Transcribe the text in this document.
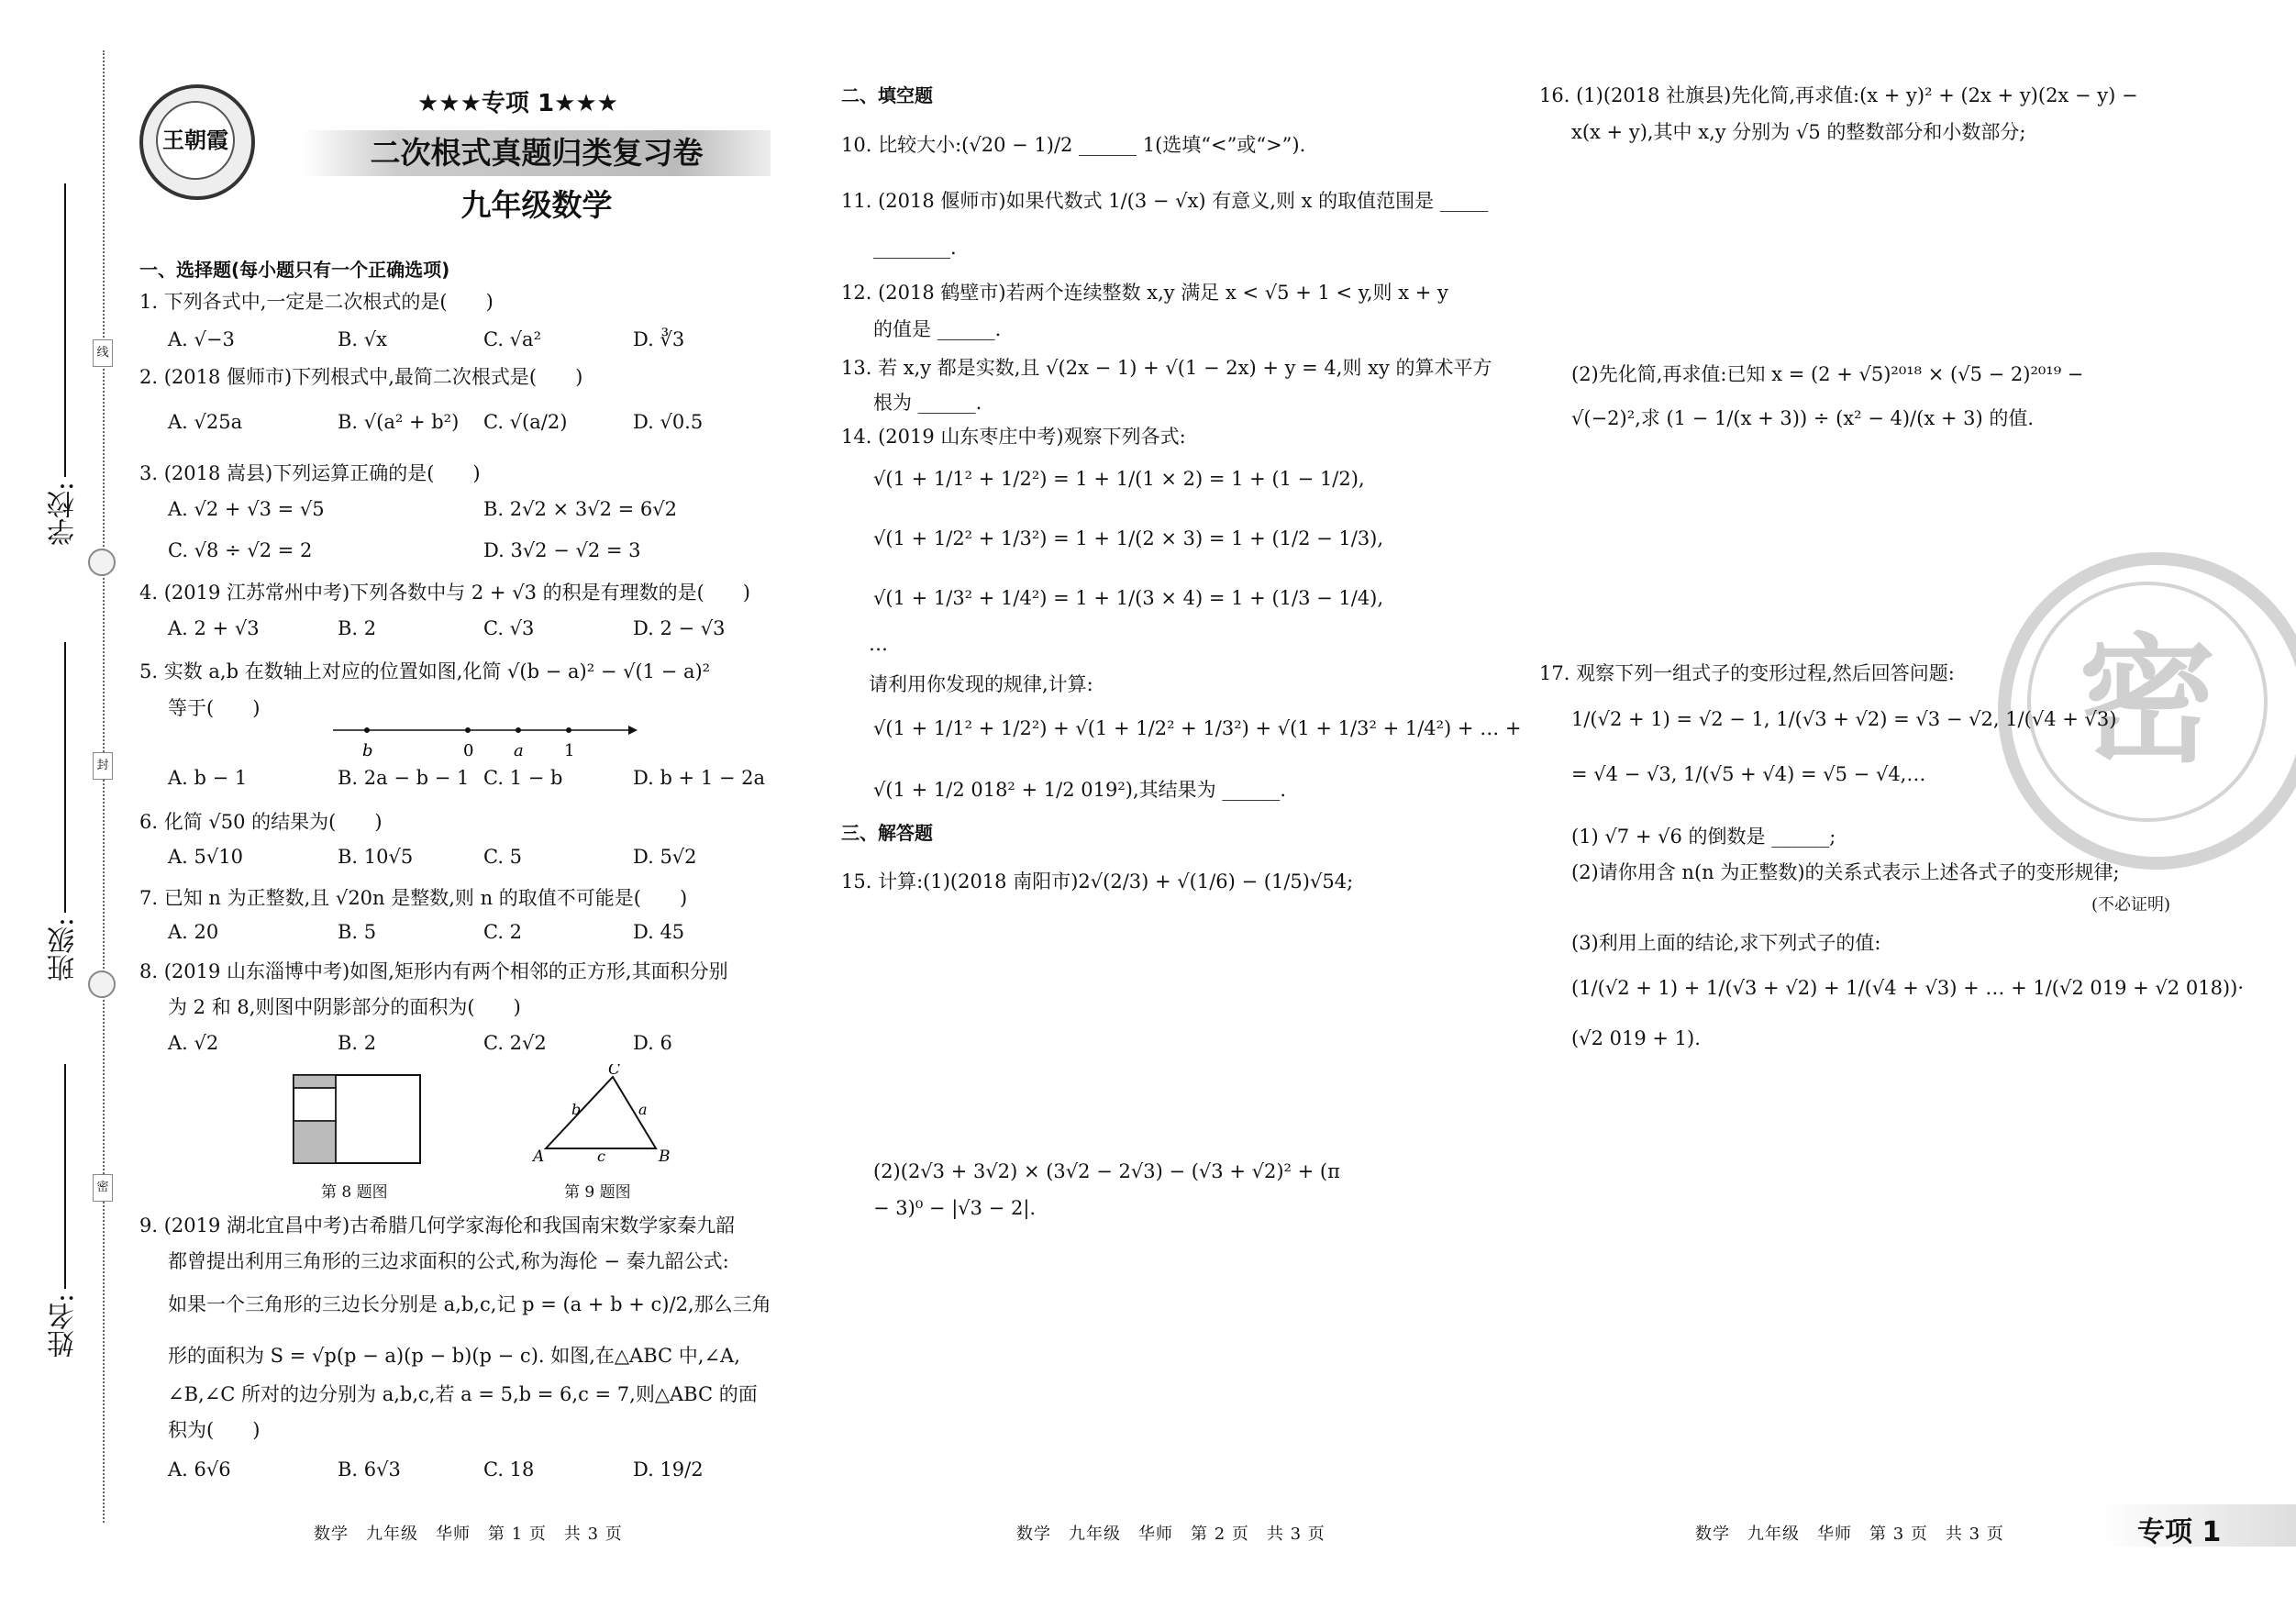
学校:
班级:
姓名:
线
封
密
王朝霞
★★★专项 1★★★
二次根式真题归类复习卷
九年级数学
一、选择题(每小题只有一个正确选项)
1. 下列各式中,一定是二次根式的是(　　)
A. √−3	B. √x	C. √a²	D. ∛3
2. (2018 偃师市)下列根式中,最简二次根式是(　　)
A. √25a	B. √(a² + b²) C. √(a/2)	D. √0.5
3. (2018 嵩县)下列运算正确的是(　　)
A. √2 + √3 = √5	B. 2√2 × 3√2 = 6√2
C. √8 ÷ √2 = 2	D. 3√2 − √2 = 3
4. (2019 江苏常州中考)下列各数中与 2 + √3 的积是有理数的是(　　)
A. 2 + √3	B. 2	C. √3	D. 2 − √3
5. 实数 a,b 在数轴上对应的位置如图,化简 √(b − a)² − √(1 − a)²
等于(　　)
b	0 a 1
A. b − 1	B. 2a − b − 1 C. 1 − b	D. b + 1 − 2a
6. 化简 √50 的结果为(　　)
A. 5√10	B. 10√5	C. 5	D. 5√2
7. 已知 n 为正整数,且 √20n 是整数,则 n 的取值不可能是(　　)
A. 20	B. 5	C. 2	D. 45
8. (2019 山东淄博中考)如图,矩形内有两个相邻的正方形,其面积分别
为 2 和 8,则图中阴影部分的面积为(　　)
A. √2	B. 2	C. 2√2	D. 6
第 8 题图
C
b	a
A	c	B
第 9 题图
9. (2019 湖北宜昌中考)古希腊几何学家海伦和我国南宋数学家秦九韶
都曾提出利用三角形的三边求面积的公式,称为海伦 − 秦九韶公式:
如果一个三角形的三边长分别是 a,b,c,记 p = (a + b + c)/2,那么三角
形的面积为 S = √p(p − a)(p − b)(p − c). 如图,在△ABC 中,∠A,
∠B,∠C 所对的边分别为 a,b,c,若 a = 5,b = 6,c = 7,则△ABC 的面
积为(　　)
A. 6√6	B. 6√3	C. 18	D. 19/2
数学　九年级　华师　第 1 页　共 3 页
二、填空题
10. 比较大小:(√20 − 1)/2 ______ 1(选填“<”或“>”).
11. (2018 偃师市)如果代数式 1/(3 − √x) 有意义,则 x 的取值范围是 _____
________.
12. (2018 鹤壁市)若两个连续整数 x,y 满足 x < √5 + 1 < y,则 x + y
的值是 ______.
13. 若 x,y 都是实数,且 √(2x − 1) + √(1 − 2x) + y = 4,则 xy 的算术平方
根为 ______.
14. (2019 山东枣庄中考)观察下列各式:
√(1 + 1/1² + 1/2²) = 1 + 1/(1 × 2) = 1 + (1 − 1/2),
√(1 + 1/2² + 1/3²) = 1 + 1/(2 × 3) = 1 + (1/2 − 1/3),
√(1 + 1/3² + 1/4²) = 1 + 1/(3 × 4) = 1 + (1/3 − 1/4),
…
请利用你发现的规律,计算:
√(1 + 1/1² + 1/2²) + √(1 + 1/2² + 1/3²) + √(1 + 1/3² + 1/4²) + … +
√(1 + 1/2 018² + 1/2 019²),其结果为 ______.
三、解答题
15. 计算:(1)(2018 南阳市)2√(2/3) + √(1/6) − (1/5)√54;
(2)(2√3 + 3√2) × (3√2 − 2√3) − (√3 + √2)² + (π
− 3)⁰ − |√3 − 2|.
数学　九年级　华师　第 2 页　共 3 页
16. (1)(2018 社旗县)先化简,再求值:(x + y)² + (2x + y)(2x − y) −
x(x + y),其中 x,y 分别为 √5 的整数部分和小数部分;
(2)先化简,再求值:已知 x = (2 + √5)²⁰¹⁸ × (√5 − 2)²⁰¹⁹ −
√(−2)²,求 (1 − 1/(x + 3)) ÷ (x² − 4)/(x + 3) 的值.
密
17. 观察下列一组式子的变形过程,然后回答问题:
1/(√2 + 1) = √2 − 1, 1/(√3 + √2) = √3 − √2, 1/(√4 + √3)
= √4 − √3, 1/(√5 + √4) = √5 − √4,…
(1) √7 + √6 的倒数是 ______;
(2)请你用含 n(n 为正整数)的关系式表示上述各式子的变形规律;
(不必证明)
(3)利用上面的结论,求下列式子的值:
(1/(√2 + 1) + 1/(√3 + √2) + 1/(√4 + √3) + … + 1/(√2 019 + √2 018))·
(√2 019 + 1).
数学　九年级　华师　第 3 页　共 3 页	专项 1
